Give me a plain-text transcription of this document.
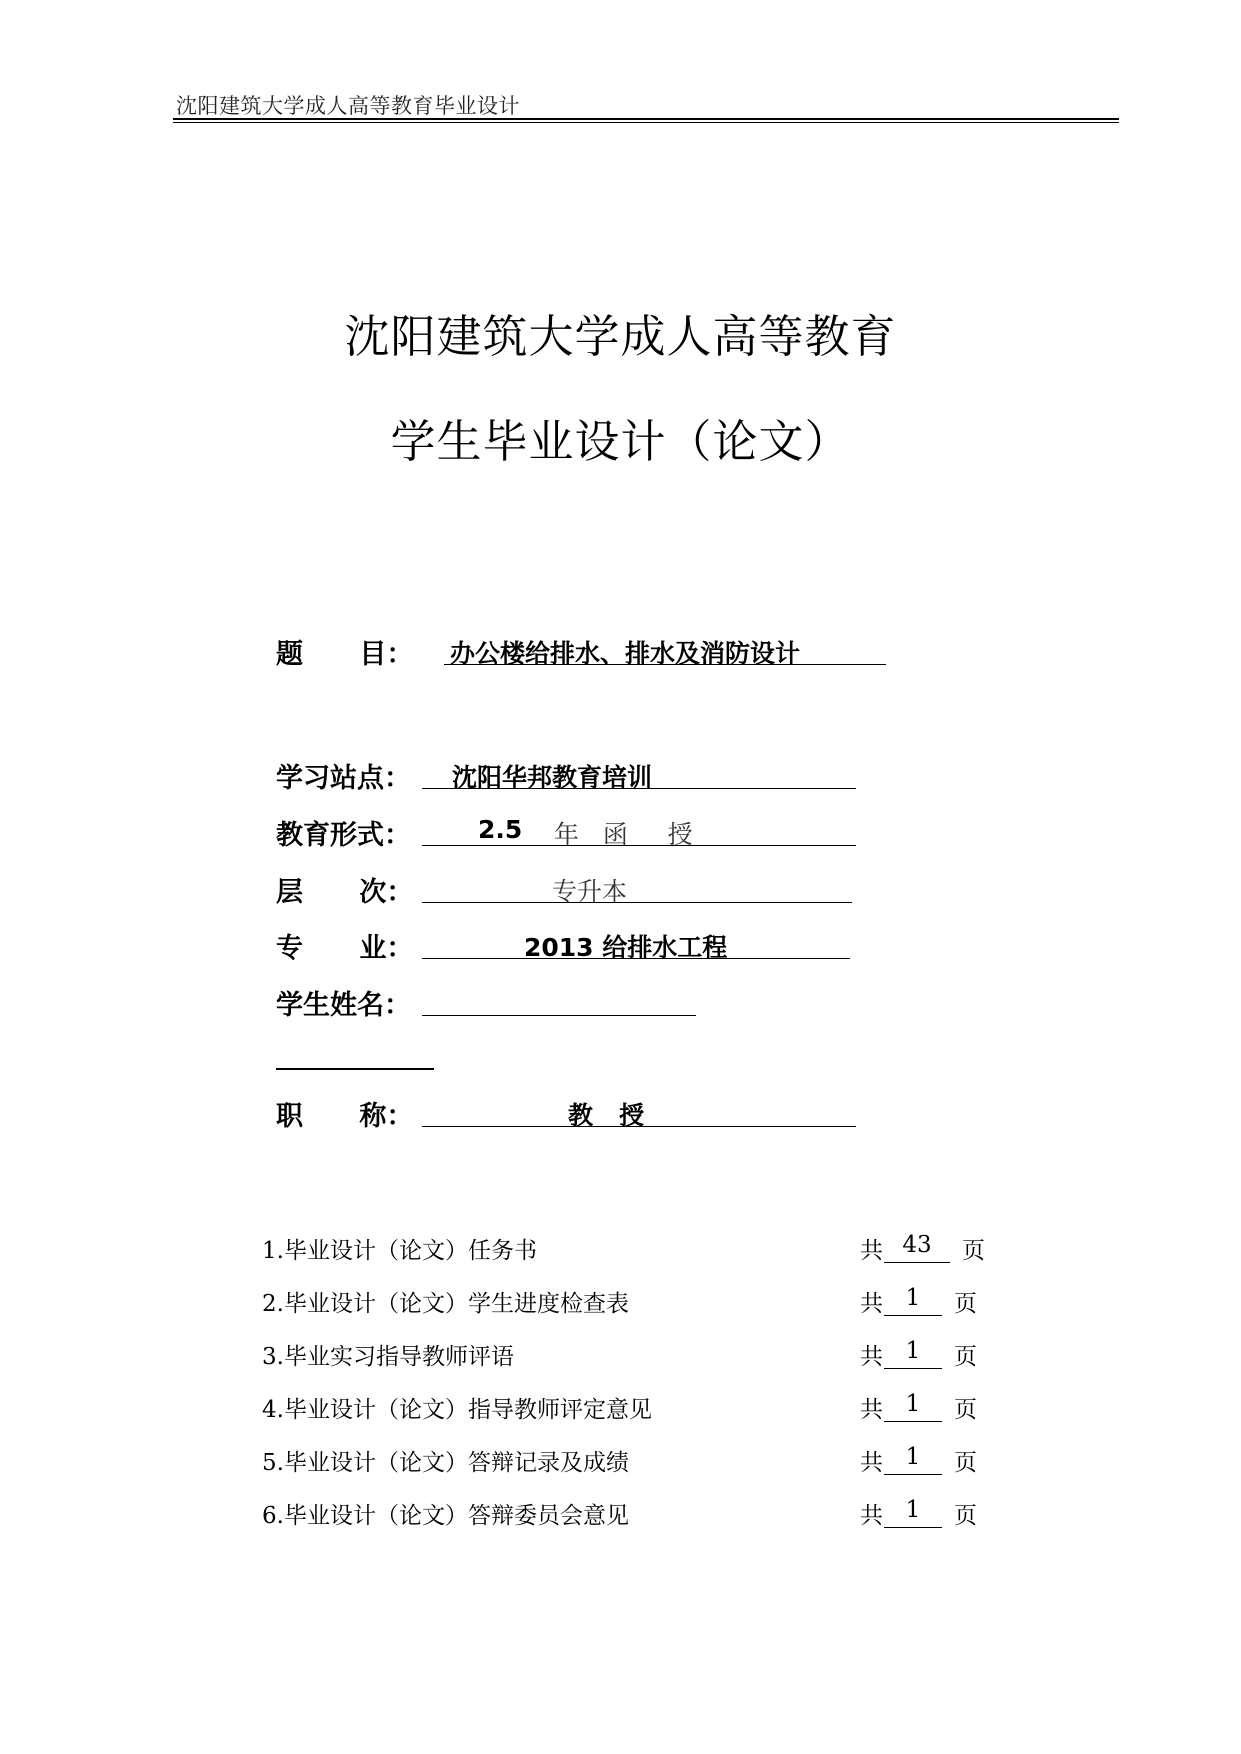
沈阳建筑大学成人高等教育毕业设计
沈阳建筑大学成人高等教育
学生毕业设计（论文）
题      目： 办公楼给排水、排水及消防设计
学习站点： 沈阳华邦教育培训
教育形式：	2.5 年   函     授
层      次：	专升本
专      业：	2013 给排水工程
学生姓名：
职      称：	教   授
1.毕业设计（论文）任务书	共 43	页
2.毕业设计（论文）学生进度检查表	共 1	页
3.毕业实习指导教师评语	共 1	页
4.毕业设计（论文）指导教师评定意见	共 1	页
5.毕业设计（论文）答辩记录及成绩	共 1	页
6.毕业设计（论文）答辩委员会意见	共 1	页
